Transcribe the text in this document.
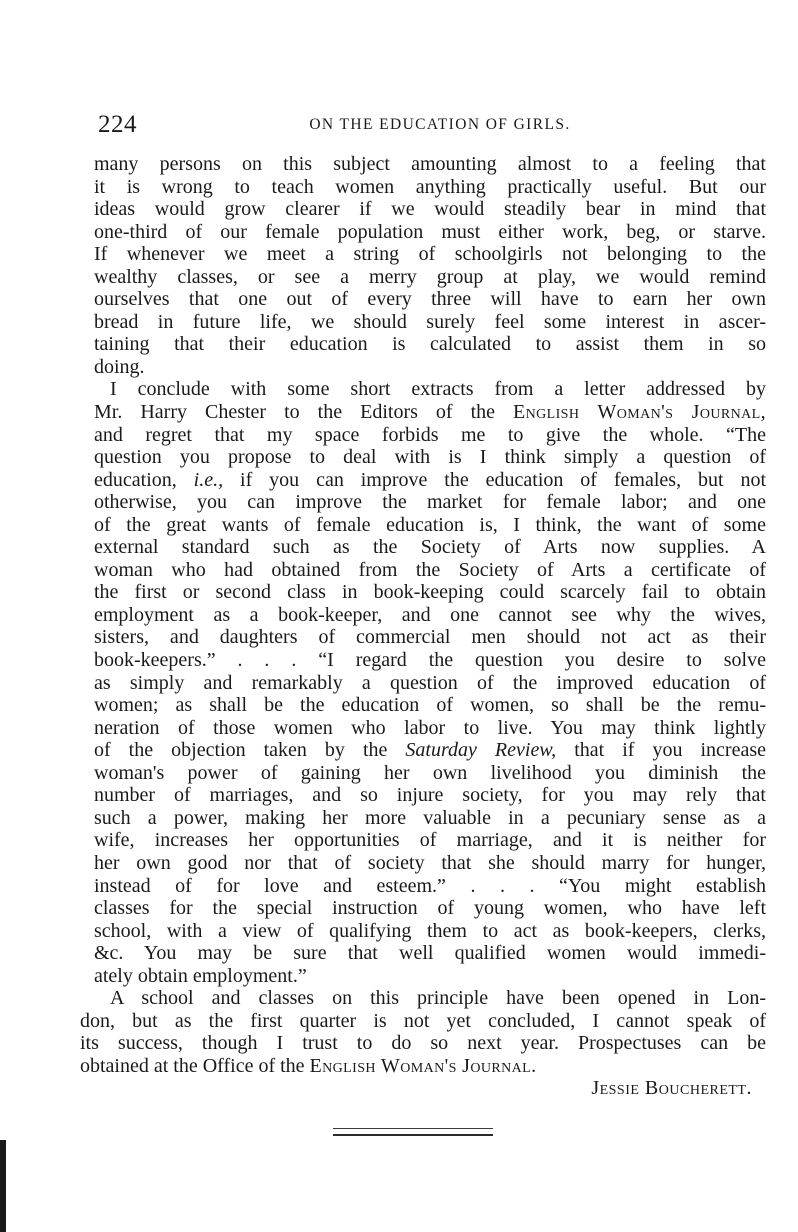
224	ON THE EDUCATION OF GIRLS.
many persons on this subject amounting almost to a feeling that
it is wrong to teach women anything practically useful. But our
ideas would grow clearer if we would steadily bear in mind that
one-third of our female population must either work, beg, or starve.
If whenever we meet a string of schoolgirls not belonging to the
wealthy classes, or see a merry group at play, we would remind
ourselves that one out of every three will have to earn her own
bread in future life, we should surely feel some interest in ascer-
taining that their education is calculated to assist them in so
doing.
I conclude with some short extracts from a letter addressed by
Mr. Harry Chester to the Editors of the English Woman's Journal,
and regret that my space forbids me to give the whole. “The
question you propose to deal with is I think simply a question of
education, i.e., if you can improve the education of females, but not
otherwise, you can improve the market for female labor; and one
of the great wants of female education is, I think, the want of some
external standard such as the Society of Arts now supplies. A
woman who had obtained from the Society of Arts a certificate of
the first or second class in book-keeping could scarcely fail to obtain
employment as a book-keeper, and one cannot see why the wives,
sisters, and daughters of commercial men should not act as their
book-keepers.” . . . “I regard the question you desire to solve
as simply and remarkably a question of the improved education of
women; as shall be the education of women, so shall be the remu-
neration of those women who labor to live. You may think lightly
of the objection taken by the Saturday Review, that if you increase
woman's power of gaining her own livelihood you diminish the
number of marriages, and so injure society, for you may rely that
such a power, making her more valuable in a pecuniary sense as a
wife, increases her opportunities of marriage, and it is neither for
her own good nor that of society that she should marry for hunger,
instead of for love and esteem.” . . . “You might establish
classes for the special instruction of young women, who have left
school, with a view of qualifying them to act as book-keepers, clerks,
&c. You may be sure that well qualified women would immedi-
ately obtain employment.”
A school and classes on this principle have been opened in Lon-
don, but as the first quarter is not yet concluded, I cannot speak of
its success, though I trust to do so next year. Prospectuses can be
obtained at the Office of the English Woman's Journal.
Jessie Boucherett.
